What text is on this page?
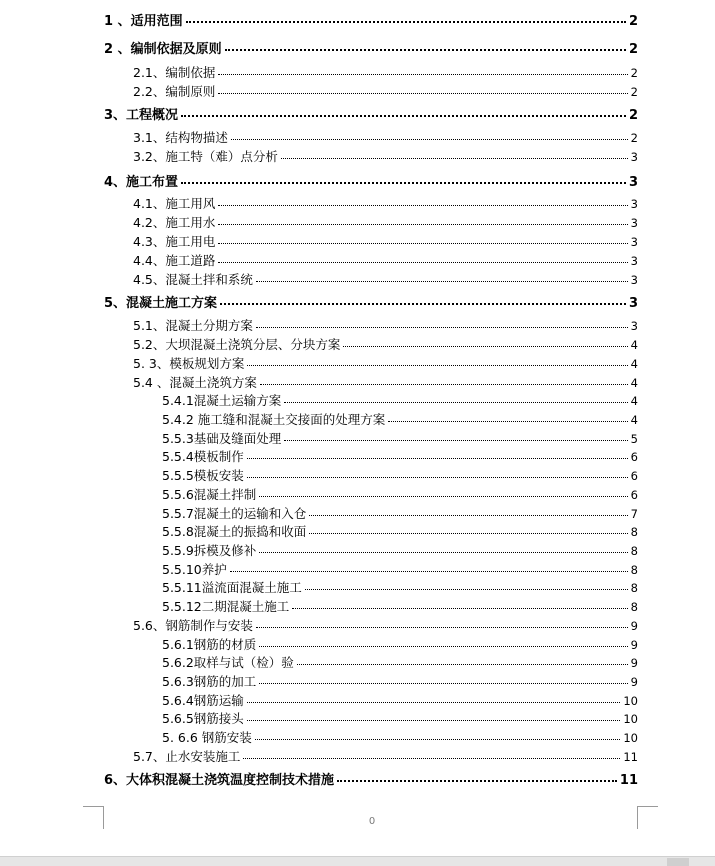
1 、适用范围	2
2 、编制依据及原则	2
2.1、编制依据	2
2.2、编制原则	2
3、工程概况	2
3.1、结构物描述	2
3.2、施工特（难）点分析	3
4、施工布置	3
4.1、施工用风	3
4.2、施工用水	3
4.3、施工用电	3
4.4、施工道路	3
4.5、混凝土拌和系统	3
5、混凝土施工方案	3
5.1、混凝土分期方案	3
5.2、大坝混凝土浇筑分层、分块方案	4
5. 3、模板规划方案	4
5.4 、混凝土浇筑方案	4
5.4.1混凝土运输方案	4
5.4.2 施工缝和混凝土交接面的处理方案	4
5.5.3基础及缝面处理	5
5.5.4模板制作	6
5.5.5模板安装	6
5.5.6混凝土拌制	6
5.5.7混凝土的运输和入仓	7
5.5.8混凝土的振捣和收面	8
5.5.9拆模及修补	8
5.5.10养护	8
5.5.11溢流面混凝土施工	8
5.5.12二期混凝土施工	8
5.6、钢筋制作与安装	9
5.6.1钢筋的材质	9
5.6.2取样与试（检）验	9
5.6.3钢筋的加工	9
5.6.4钢筋运输	10
5.6.5钢筋接头	10
5. 6.6 钢筋安装	10
5.7、止水安装施工	11
6、大体积混凝土浇筑温度控制技术措施	11
0
